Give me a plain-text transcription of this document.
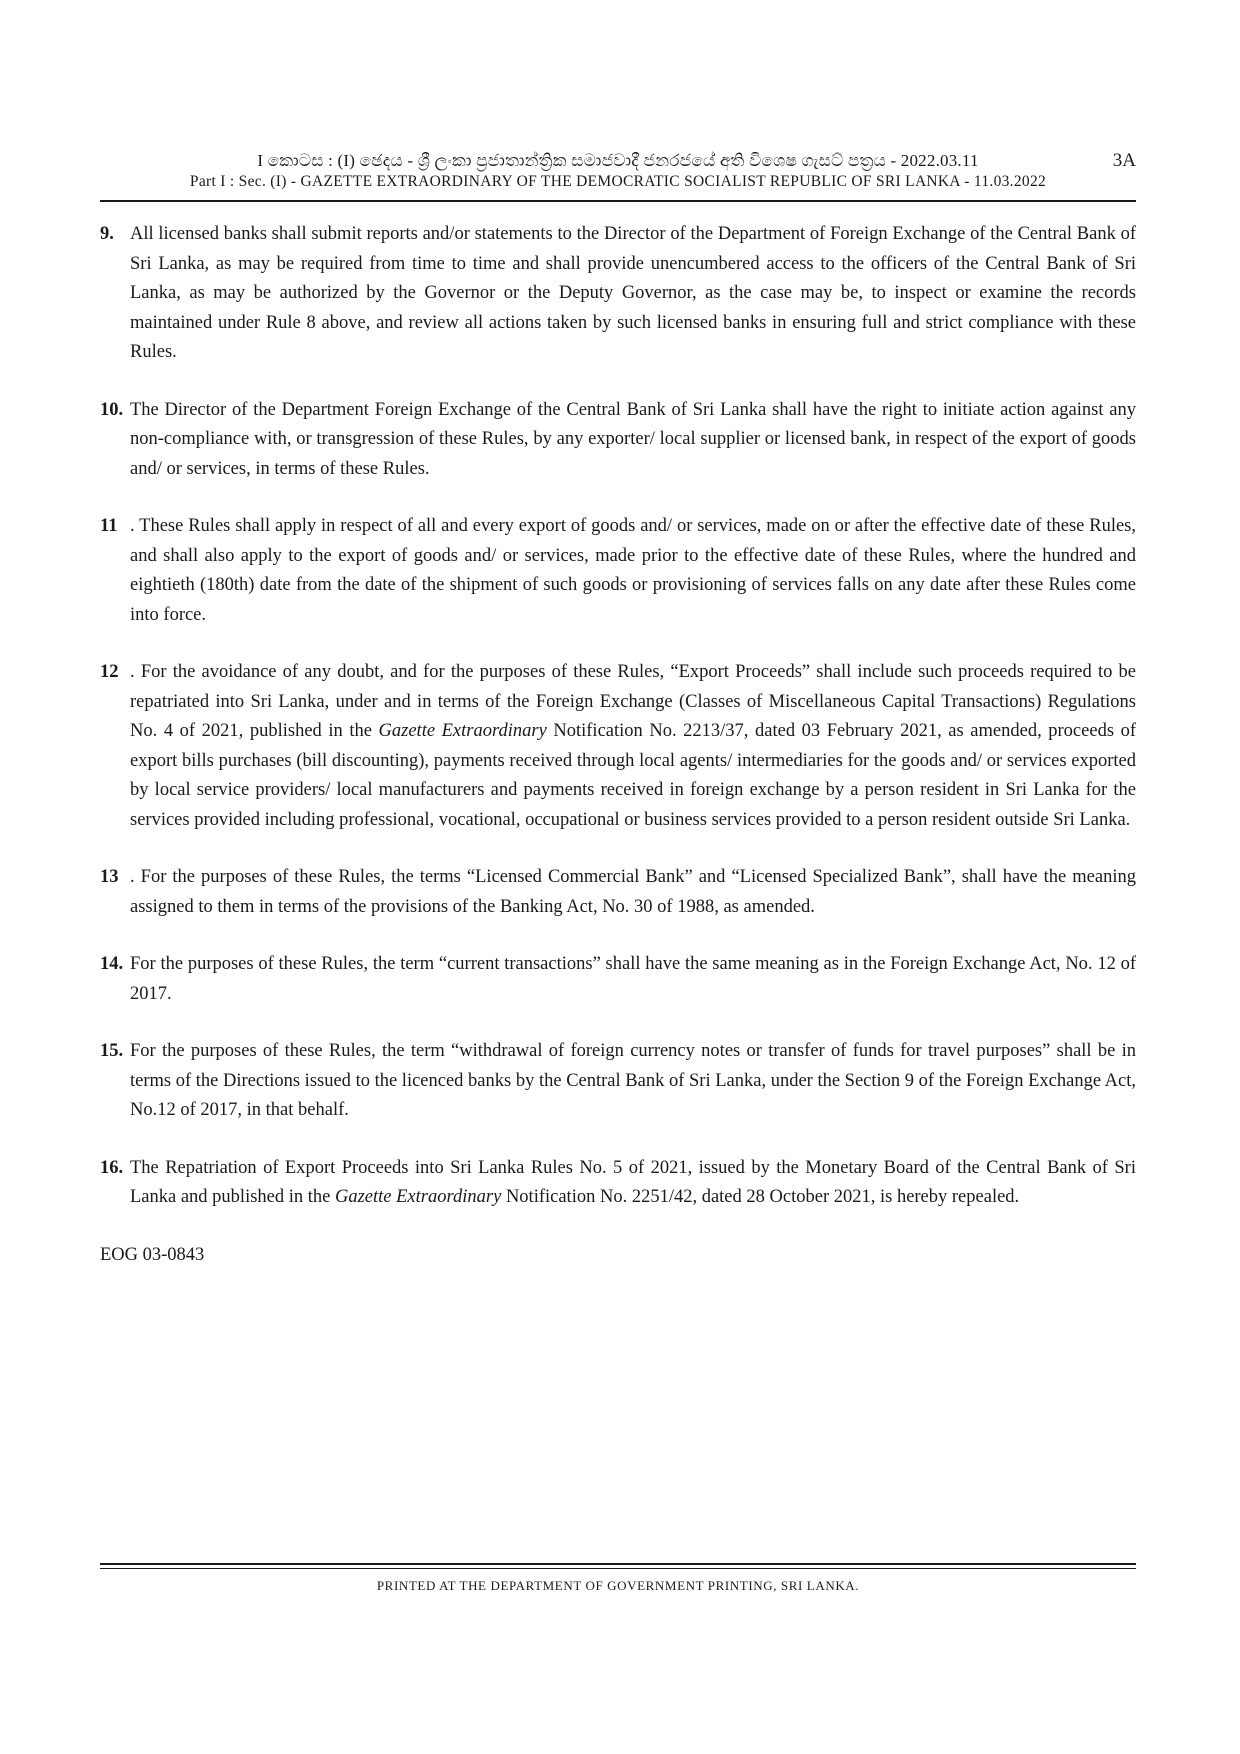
I කොටස : (I) ඡෙදය - ශ්‍රී ලංකා ප්‍රජාතාන්ත්‍රික සමාජවාදී ජනරජයේ අති විශෙෂ ගැසට් පත්‍රය - 2022.03.11
Part I : Sec. (I) - GAZETTE EXTRAORDINARY OF THE DEMOCRATIC SOCIALIST REPUBLIC OF SRI LANKA - 11.03.2022
3A
9. All licensed banks shall submit reports and/or statements to the Director of the Department of Foreign Exchange of the Central Bank of Sri Lanka, as may be required from time to time and shall provide unencumbered access to the officers of the Central Bank of Sri Lanka, as may be authorized by the Governor or the Deputy Governor, as the case may be, to inspect or examine the records maintained under Rule 8 above, and review all actions taken by such licensed banks in ensuring full and strict compliance with these Rules.
10. The Director of the Department Foreign Exchange of the Central Bank of Sri Lanka shall have the right to initiate action against any non-compliance with, or transgression of these Rules, by any exporter/ local supplier or licensed bank, in respect of the export of goods and/ or services, in terms of these Rules.
11 . These Rules shall apply in respect of all and every export of goods and/ or services, made on or after the effective date of these Rules, and shall also apply to the export of goods and/ or services, made prior to the effective date of these Rules, where the hundred and eightieth (180th) date from the date of the shipment of such goods or provisioning of services falls on any date after these Rules come into force.
12 . For the avoidance of any doubt, and for the purposes of these Rules, “Export Proceeds” shall include such proceeds required to be repatriated into Sri Lanka, under and in terms of the Foreign Exchange (Classes of Miscellaneous Capital Transactions) Regulations No. 4 of 2021, published in the Gazette Extraordinary Notification No. 2213/37, dated 03 February 2021, as amended, proceeds of export bills purchases (bill discounting), payments received through local agents/ intermediaries for the goods and/ or services exported by local service providers/ local manufacturers and payments received in foreign exchange by a person resident in Sri Lanka for the services provided including professional, vocational, occupational or business services provided to a person resident outside Sri Lanka.
13 . For the purposes of these Rules, the terms “Licensed Commercial Bank” and “Licensed Specialized Bank”, shall have the meaning assigned to them in terms of the provisions of the Banking Act, No. 30 of 1988, as amended.
14. For the purposes of these Rules, the term “current transactions” shall have the same meaning as in the Foreign Exchange Act, No. 12 of 2017.
15. For the purposes of these Rules, the term “withdrawal of foreign currency notes or transfer of funds for travel purposes” shall be in terms of the Directions issued to the licenced banks by the Central Bank of Sri Lanka, under the Section 9 of the Foreign Exchange Act, No.12 of 2017, in that behalf.
16. The Repatriation of Export Proceeds into Sri Lanka Rules No. 5 of 2021, issued by the Monetary Board of the Central Bank of Sri Lanka and published in the Gazette Extraordinary Notification No. 2251/42, dated 28 October 2021, is hereby repealed.
EOG 03-0843
PRINTED AT THE DEPARTMENT OF GOVERNMENT PRINTING, SRI LANKA.
